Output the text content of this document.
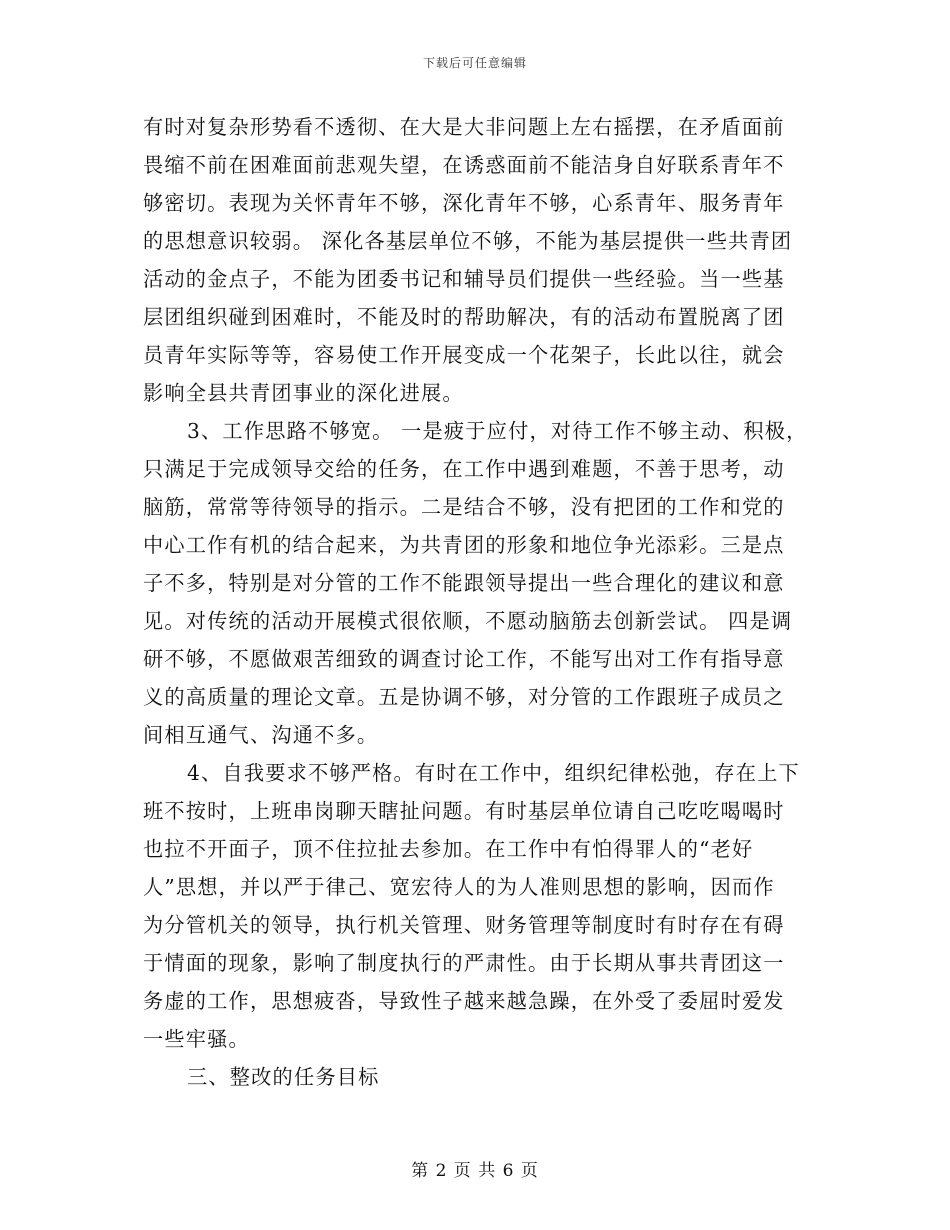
下载后可任意编辑
有时对复杂形势看不透彻、在大是大非问题上左右摇摆，在矛盾面前
畏缩不前在困难面前悲观失望，在诱惑面前不能洁身自好联系青年不
够密切。表现为关怀青年不够，深化青年不够，心系青年、服务青年
的思想意识较弱。 深化各基层单位不够，不能为基层提供一些共青团
活动的金点子，不能为团委书记和辅导员们提供一些经验。当一些基
层团组织碰到困难时，不能及时的帮助解决，有的活动布置脱离了团
员青年实际等等，容易使工作开展变成一个花架子，长此以往，就会
影响全县共青团事业的深化进展。
3、工作思路不够宽。 一是疲于应付，对待工作不够主动、积极，
只满足于完成领导交给的任务，在工作中遇到难题，不善于思考，动
脑筋，常常等待领导的指示。二是结合不够，没有把团的工作和党的
中心工作有机的结合起来，为共青团的形象和地位争光添彩。三是点
子不多，特别是对分管的工作不能跟领导提出一些合理化的建议和意
见。对传统的活动开展模式很依顺，不愿动脑筋去创新尝试。 四是调
研不够，不愿做艰苦细致的调查讨论工作，不能写出对工作有指导意
义的高质量的理论文章。五是协调不够，对分管的工作跟班子成员之
间相互通气、沟通不多。
4、自我要求不够严格。有时在工作中，组织纪律松弛，存在上下
班不按时，上班串岗聊天瞎扯问题。有时基层单位请自己吃吃喝喝时
也拉不开面子，顶不住拉扯去参加。在工作中有怕得罪人的“老好
人”思想，并以严于律己、宽宏待人的为人准则思想的影响，因而作
为分管机关的领导，执行机关管理、财务管理等制度时有时存在有碍
于情面的现象，影响了制度执行的严肃性。由于长期从事共青团这一
务虚的工作，思想疲沓，导致性子越来越急躁，在外受了委屈时爱发
一些牢骚。
三、整改的任务目标
第 2 页 共 6 页
